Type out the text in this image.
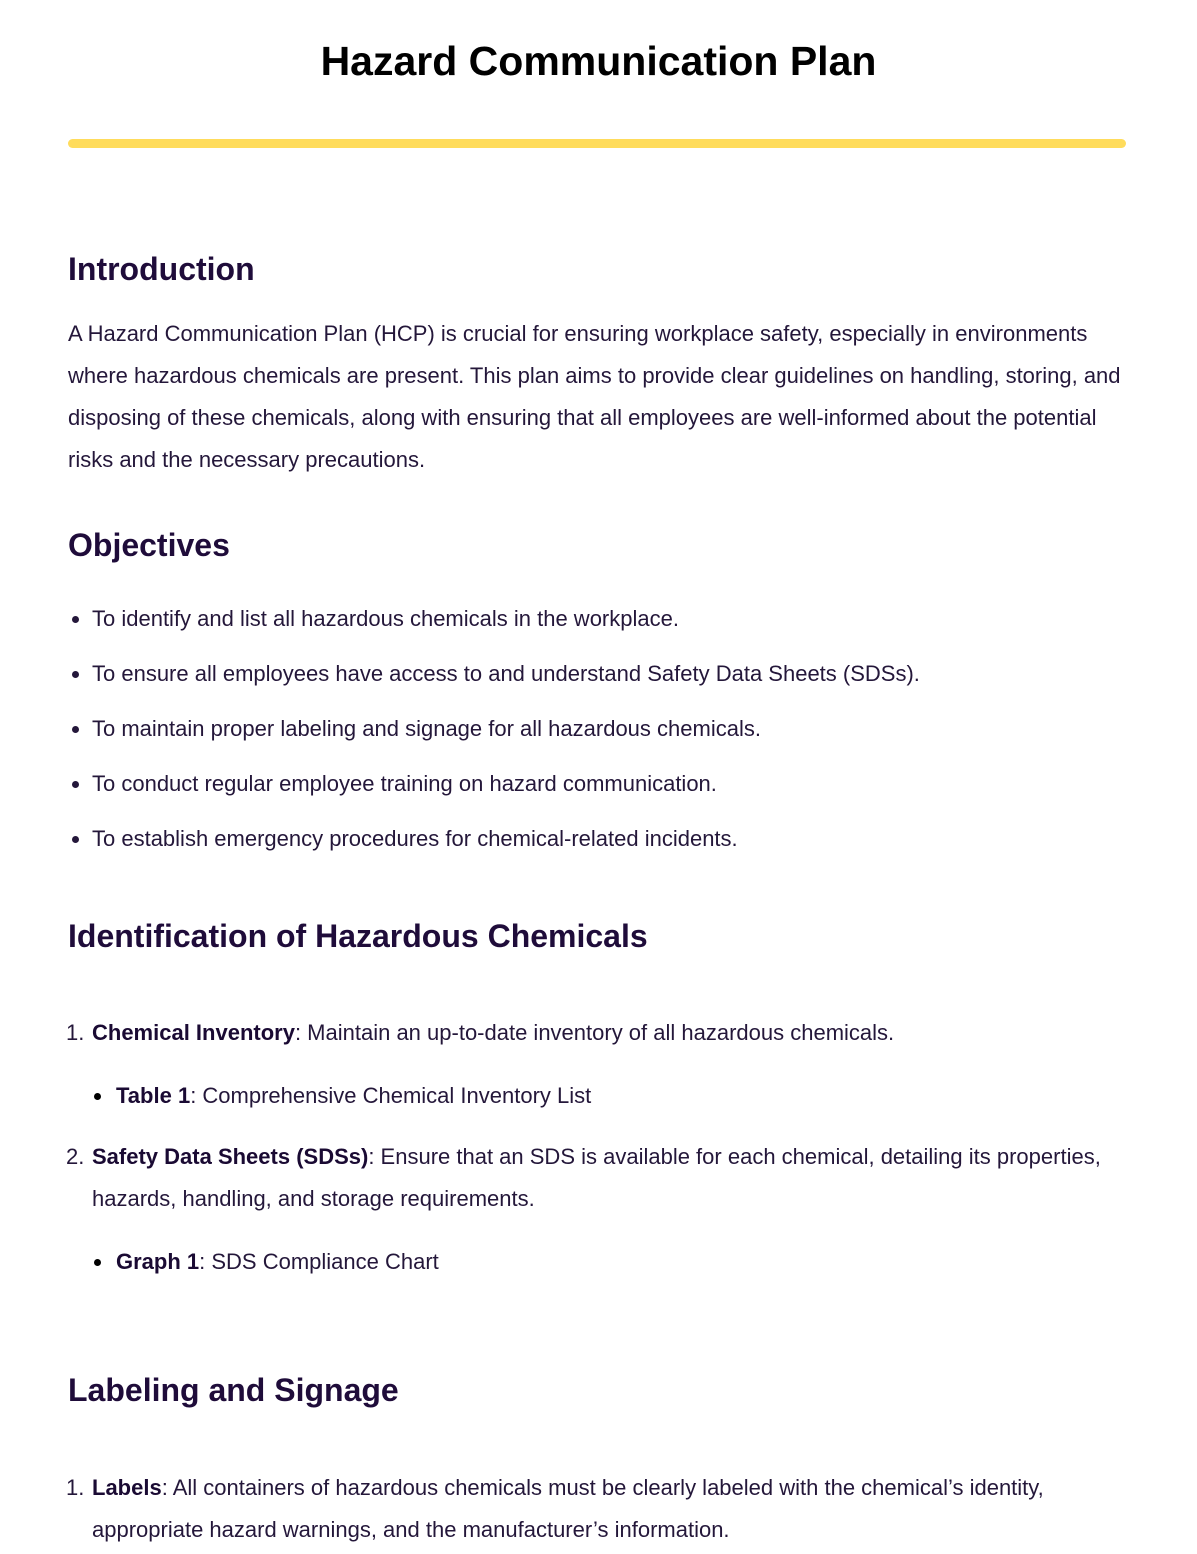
Hazard Communication Plan
Introduction

A Hazard Communication Plan (HCP) is crucial for ensuring workplace safety, especially in environments where hazardous chemicals are present. This plan aims to provide clear guidelines on handling, storing, and disposing of these chemicals, along with ensuring that all employees are well-informed about the potential risks and the necessary precautions.

Objectives
• To identify and list all hazardous chemicals in the workplace.
• To ensure all employees have access to and understand Safety Data Sheets (SDSs).
• To maintain proper labeling and signage for all hazardous chemicals.
• To conduct regular employee training on hazard communication.
• To establish emergency procedures for chemical-related incidents.
Identification of Hazardous Chemicals
1. Chemical Inventory: Maintain an up-to-date inventory of all hazardous chemicals.
Table 1: Comprehensive Chemical Inventory List
2. Safety Data Sheets (SDSs): Ensure that an SDS is available for each chemical, detailing its properties, hazards, handling, and storage requirements.
Graph 1: SDS Compliance Chart
Labeling and Signage
1. Labels: All containers of hazardous chemicals must be clearly labeled with the chemical’s identity, appropriate hazard warnings, and the manufacturer’s information.
